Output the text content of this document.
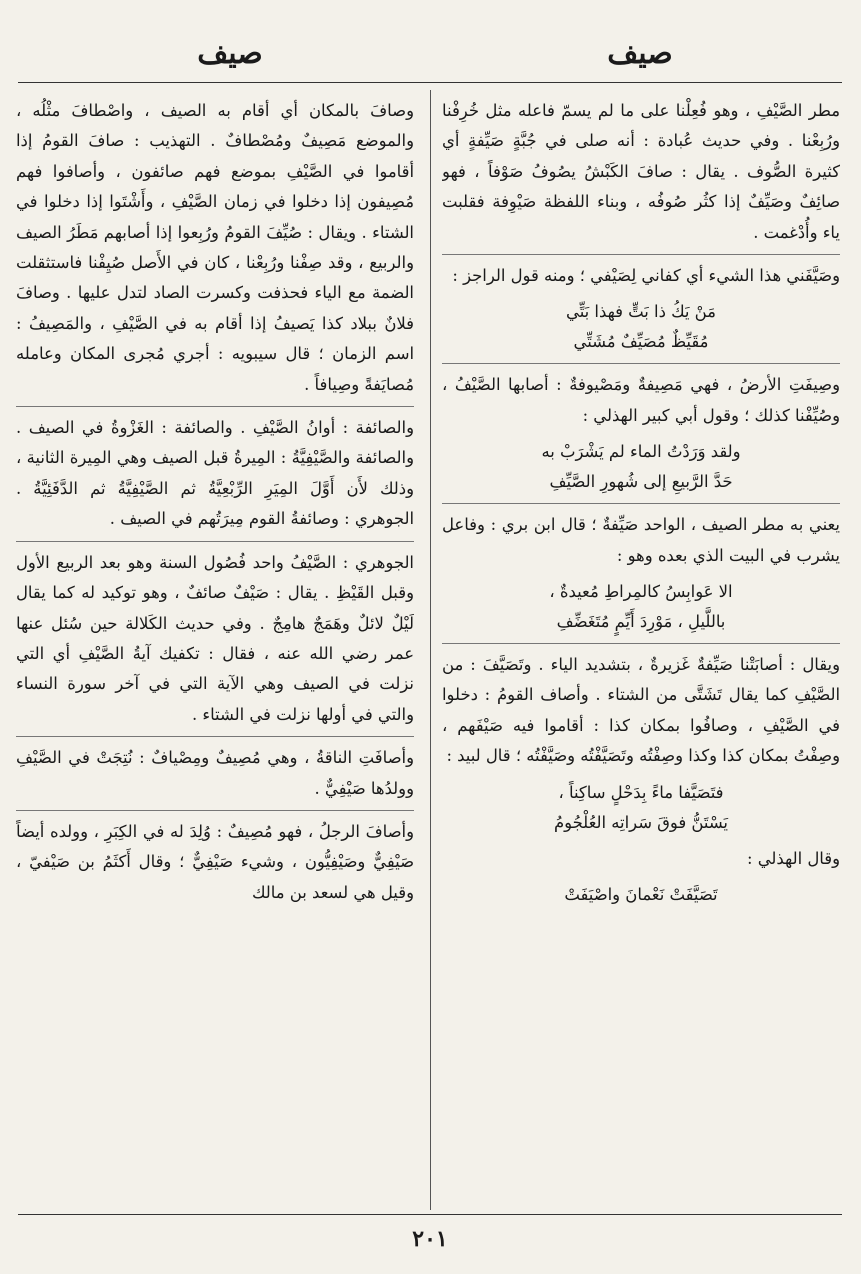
صيف
صيف

مطر الصَّيْفِ ، وهو فُعِلْنا على ما لم يسمّ فاعله مثل خُرِفْنا ورُبِعْنا . وفي حديث عُبادة : أنه صلى في جُبَّةٍ صَيِّفةٍ أي كثيرة الصُّوف . يقال : صافَ الكَبْشُ يصُوفُ صَوْفاً ، فهو صائِفٌ وصَيِّفٌ إذا كثُر صُوفُه ، وبناء اللفظة صَيْوِفة فقلبت ياء وأُدْغمت .

وصَيَّفَني هذا الشيء أي كفاني لِصَيْفي ؛ ومنه قول الراجز :

مَنْ يَكُ ذا بَتٍّ فهذا بَتِّي
مُقَيِّظٌ مُصَيِّفٌ مُشَتِّي

وصِيفَتِ الأرضُ ، فهي مَصِيفةٌ ومَصْيوفةٌ : أصابها الصَّيْفُ ، وصُيِّفْنا كذلك ؛ وقول أبي كبير الهذلي :

ولقد وَرَدْتُ الماء لم يَشْرَبْ به
حَدَّ الرَّبيعِ إلى شُهورِ الصَّيِّفِ

يعني به مطر الصيف ، الواحد صَيِّفةٌ ؛ قال ابن بري : وفاعل يشرب في البيت الذي بعده وهو :

الا عَوابِسُ كالمِراطِ مُعيدةٌ ،
باللَّيلِ ، مَوْرِدَ أَيِّمٍ مُتَغَضِّفِ

ويقال : أصابَتْنا صَيِّفةٌ غَزيرةٌ ، بتشديد الياء . وتَصَيَّفَ : من الصَّيْفِ كما يقال تَشَتَّى من الشتاء . وأصاف القومُ : دخلوا في الصَّيْفِ ، وصافُوا بمكان كذا : أقاموا فيه صَيْفَهم ، وصِفْتُ بمكان كذا وكذا وصِفْتُه وتَصَيَّفْتُه وصَيَّفْتُه ؛ قال لبيد :

فتَصَيَّفا ماءً بِدَحْلٍ ساكِناً ،
يَسْتَنُّ فوقَ سَراتِه العُلْجُومُ

وقال الهذلي :

تَصَيَّفَتْ نَعْمانَ واصْيَفَتْ

وصافَ بالمكان أي أقام به الصيف ، واصْطافَ مثْلُه ، والموضع مَصِيفٌ ومُصْطافٌ . التهذيب : صافَ القومُ إذا أقاموا في الصَّيْفِ بموضع فهم صائفون ، وأصافوا فهم مُصِيفون إذا دخلوا في زمان الصَّيْفِ ، وأَشْتَوا إذا دخلوا في الشتاء . ويقال : صُيِّفَ القومُ ورُبِعوا إذا أصابهم مَطَرُ الصيف والربيع ، وقد صِفْنا ورُبِعْنا ، كان في الأَصل صُيِفْنا فاستثقلت الضمة مع الياء فحذفت وكسرت الصاد لتدل عليها . وصافَ فلانٌ ببلاد كذا يَصيفُ إذا أقام به في الصَّيْفِ ، والمَصِيفُ : اسم الزمان ؛ قال سيبويه : أجري مُجرى المكان وعامله مُصايَفةً وصِيافاً .

والصائفة : أوانُ الصَّيْفِ . والصائفة : الغَزْوةُ في الصيف . والصائفة والصَّيْفِيَّةُ : المِيرةُ قبل الصيف وهي المِيرة الثانية ، وذلك لأَن أَوَّلَ المِيَرِ الرِّبْعِيَّةُ ثم الصَّيْفِيَّةُ ثم الدَّفَئِيَّةُ . الجوهري : وصائفةُ القوم مِيرَتُهم في الصيف .

الجوهري : الصَّيْفُ واحد فُصُول السنة وهو بعد الربيع الأول وقبل القَيْظِ . يقال : صَيْفٌ صائفٌ ، وهو توكيد له كما يقال لَيْلٌ لائلٌ وهَمَجٌ هامِجٌ . وفي حديث الكَلالة حين سُئل عنها عمر رضي الله عنه ، فقال : تكفيك آيةُ الصَّيْفِ أي التي نزلت في الصيف وهي الآية التي في آخر سورة النساء والتي في أولها نزلت في الشتاء .

وأصافَتِ الناقةُ ، وهي مُصِيفٌ ومِصْيافٌ : نُتِجَتْ في الصَّيْفِ وولدُها صَيْفِيٌّ .

وأصافَ الرجلُ ، فهو مُصِيفٌ : وُلِدَ له في الكِبَرِ ، وولده أيضاً صَيْفِيٌّ وصَيْفِيُّون ، وشيء صَيْفِيٌّ ؛ وقال أَكثَمُ بن صَيْفيّ ، وقيل هي لسعد بن مالك

٢٠١
